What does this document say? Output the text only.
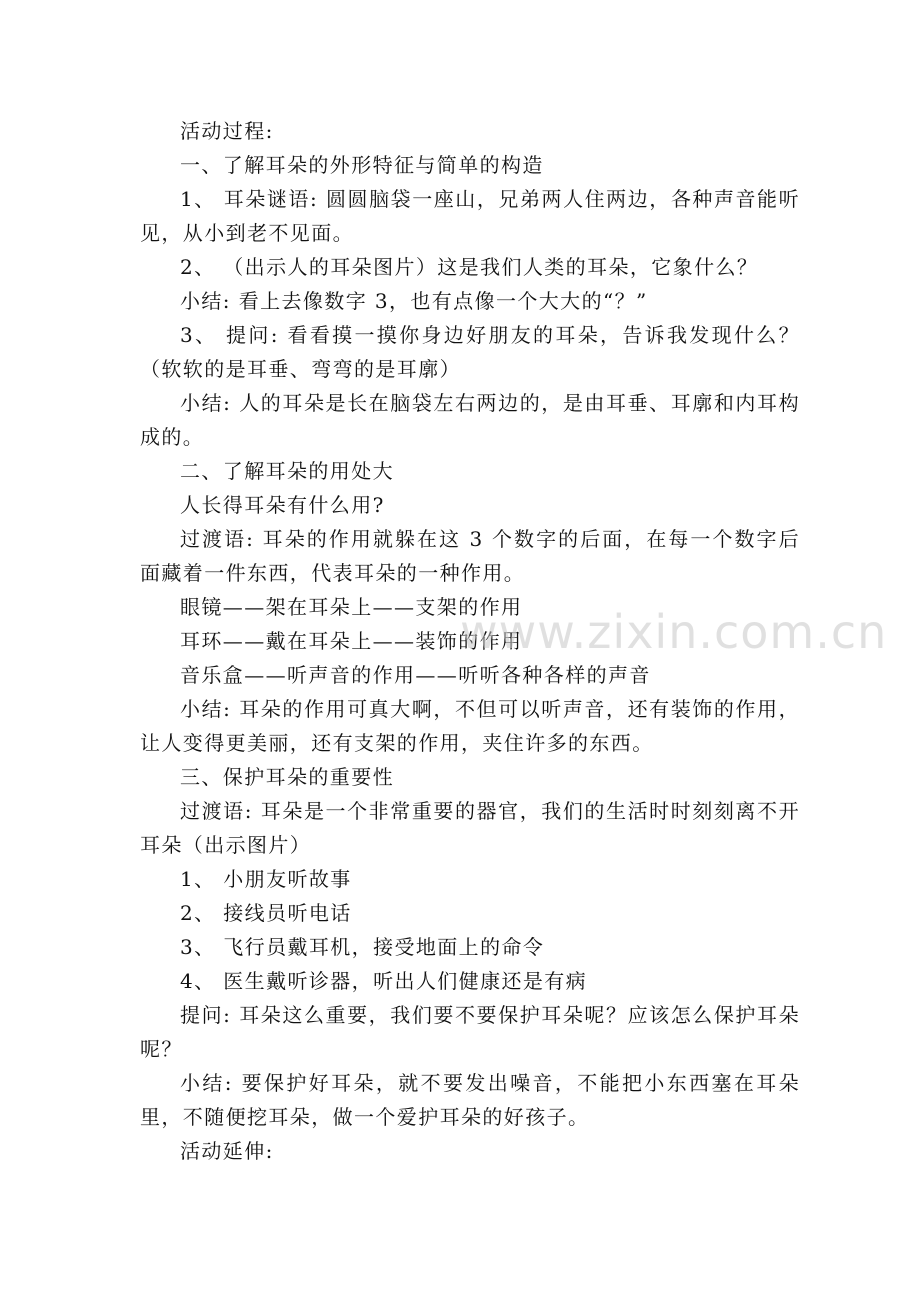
活动过程:

一、了解耳朵的外形特征与简单的构造

1、 耳朵谜语: 圆圆脑袋一座山，兄弟两人住两边，各种声音能听见，从小到老不见面。

2、 （出示人的耳朵图片）这是我们人类的耳朵，它象什么？

小结: 看上去像数字 3，也有点像一个大大的“？”

3、 提问: 看看摸一摸你身边好朋友的耳朵，告诉我发现什么？（软软的是耳垂、弯弯的是耳廓）

小结: 人的耳朵是长在脑袋左右两边的，是由耳垂、耳廓和内耳构成的。

二、了解耳朵的用处大

人长得耳朵有什么用?

过渡语: 耳朵的作用就躲在这 3 个数字的后面，在每一个数字后面藏着一件东西，代表耳朵的一种作用。

眼镜——架在耳朵上——支架的作用

耳环——戴在耳朵上——装饰的作用

音乐盒——听声音的作用——听听各种各样的声音

小结: 耳朵的作用可真大啊，不但可以听声音，还有装饰的作用，让人变得更美丽，还有支架的作用，夹住许多的东西。

三、保护耳朵的重要性

过渡语: 耳朵是一个非常重要的器官，我们的生活时时刻刻离不开耳朵（出示图片）

1、 小朋友听故事

2、 接线员听电话

3、 飞行员戴耳机，接受地面上的命令

4、 医生戴听诊器，听出人们健康还是有病

提问: 耳朵这么重要，我们要不要保护耳朵呢？应该怎么保护耳朵呢？

小结: 要保护好耳朵，就不要发出噪音，不能把小东西塞在耳朵里，不随便挖耳朵，做一个爱护耳朵的好孩子。

活动延伸:

www.zixin.com.cn
